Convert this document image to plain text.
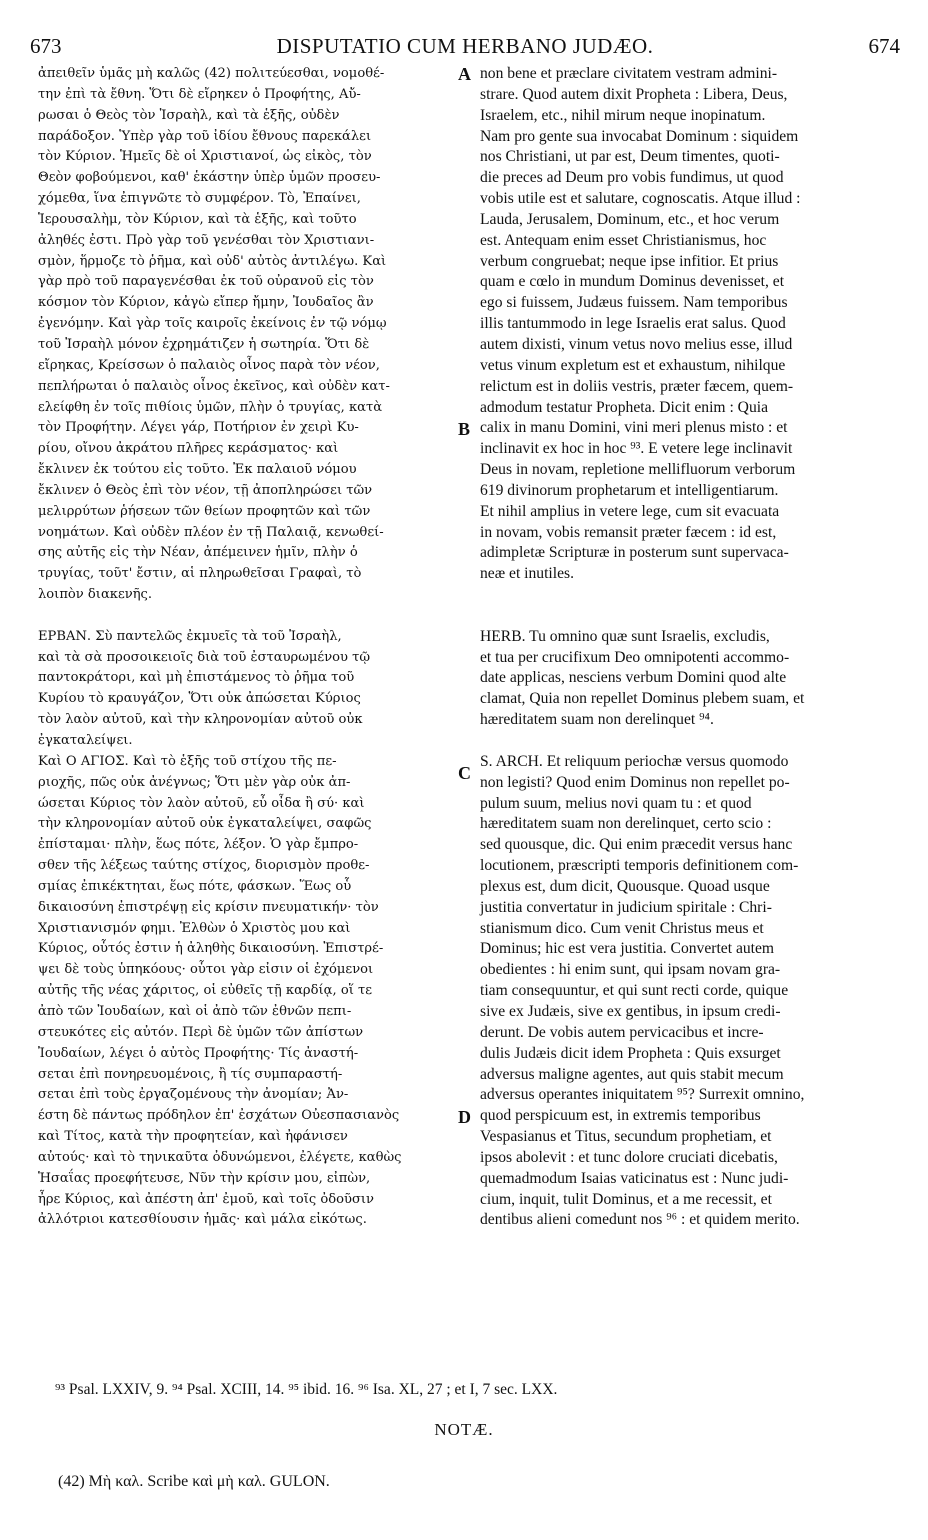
673	DISPUTATIO CUM HERBANO JUDÆO.	674
ἀπειθεῖν ὑμᾶς μὴ καλῶς (42) πολιτεύεσθαι, νομοθέ-
την ἐπὶ τὰ ἔθνη. Ὅτι δὲ εἴρηκεν ὁ Προφήτης, Αὔ-
ρωσαι ὁ Θεὸς τὸν Ἰσραὴλ, καὶ τὰ ἑξῆς, οὐδὲν
παράδοξον. Ὑπὲρ γὰρ τοῦ ἰδίου ἔθνους παρεκάλει
τὸν Κύριον. Ἡμεῖς δὲ οἱ Χριστιανοί, ὡς εἰκὸς, τὸν
Θεὸν φοβούμενοι, καθ' ἑκάστην ὑπὲρ ὑμῶν προσευ-
χόμεθα, ἵνα ἐπιγνῶτε τὸ συμφέρον. Τὸ, Ἐπαίνει,
Ἱερουσαλὴμ, τὸν Κύριον, καὶ τὰ ἑξῆς, καὶ τοῦτο
ἀληθές ἐστι. Πρὸ γὰρ τοῦ γενέσθαι τὸν Χριστιανι-
σμὸν, ἥρμοζε τὸ ῥῆμα, καὶ οὐδ' αὐτὸς ἀντιλέγω. Καὶ
γὰρ πρὸ τοῦ παραγενέσθαι ἐκ τοῦ οὐρανοῦ εἰς τὸν
κόσμον τὸν Κύριον, κἀγὼ εἴπερ ἤμην, Ἰουδαῖος ἂν
ἐγενόμην. Καὶ γὰρ τοῖς καιροῖς ἐκείνοις ἐν τῷ νόμῳ
τοῦ Ἰσραὴλ μόνον ἐχρημάτιζεν ἡ σωτηρία. Ὅτι δὲ
εἴρηκας, Κρείσσων ὁ παλαιὸς οἶνος παρὰ τὸν νέον,
πεπλήρωται ὁ παλαιὸς οἶνος ἐκεῖνος, καὶ οὐδὲν κατ-
ελείφθη ἐν τοῖς πιθίοις ὑμῶν, πλὴν ὁ τρυγίας, κατὰ
τὸν Προφήτην. Λέγει γάρ, Ποτήριον ἐν χειρὶ Κυ-
ρίου, οἴνου ἀκράτου πλῆρες κεράσματος· καὶ
ἔκλινεν ἐκ τούτου εἰς τοῦτο. Ἐκ παλαιοῦ νόμου
ἔκλινεν ὁ Θεὸς ἐπὶ τὸν νέον, τῇ ἀποπληρώσει τῶν
μελιρρύτων ῥήσεων τῶν θείων προφητῶν καὶ τῶν
νοημάτων. Καὶ οὐδὲν πλέον ἐν τῇ Παλαιᾷ, κενωθεί-
σης αὐτῆς εἰς τὴν Νέαν, ἀπέμεινεν ἡμῖν, πλὴν ὁ
τρυγίας, τοῦτ' ἔστιν, αἱ πληρωθεῖσαι Γραφαὶ, τὸ
λοιπὸν διακενῆς.
ΕΡΒΑΝ. Σὺ παντελῶς ἐκμυεῖς τὰ τοῦ Ἰσραὴλ,
καὶ τὰ σὰ προσοικειοῖς διὰ τοῦ ἐσταυρωμένου τῷ
παντοκράτορι, καὶ μὴ ἐπιστάμενος τὸ ῥῆμα τοῦ
Κυρίου τὸ κραυγάζον, Ὅτι οὐκ ἀπώσεται Κύριος
τὸν λαὸν αὐτοῦ, καὶ τὴν κληρονομίαν αὐτοῦ οὐκ
ἐγκαταλείψει.
Καὶ Ο ΑΓΙΟΣ. Καὶ τὸ ἑξῆς τοῦ στίχου τῆς πε-
ριοχῆς, πῶς οὐκ ἀνέγνως; Ὅτι μὲν γὰρ οὐκ ἀπ-
ώσεται Κύριος τὸν λαὸν αὐτοῦ, εὖ οἶδα ἢ σύ· καὶ
τὴν κληρονομίαν αὐτοῦ οὐκ ἐγκαταλείψει, σαφῶς
ἐπίσταμαι· πλὴν, ἕως πότε, λέξον. Ὁ γὰρ ἔμπρο-
σθεν τῆς λέξεως ταύτης στίχος, διορισμὸν προθε-
σμίας ἐπικέκτηται, ἕως πότε, φάσκων. Ἕως οὗ
δικαιοσύνη ἐπιστρέψῃ εἰς κρίσιν πνευματικήν· τὸν
Χριστιανισμόν φημι. Ἐλθὼν ὁ Χριστὸς μου καὶ
Κύριος, οὗτός ἐστιν ἡ ἀληθὴς δικαιοσύνη. Ἐπιστρέ-
ψει δὲ τοὺς ὑπηκόους· οὗτοι γὰρ εἰσιν οἱ ἐχόμενοι
αὐτῆς τῆς νέας χάριτος, οἱ εὐθεῖς τῇ καρδίᾳ, οἵ τε
ἀπὸ τῶν Ἰουδαίων, καὶ οἱ ἀπὸ τῶν ἐθνῶν πεπι-
στευκότες εἰς αὐτόν. Περὶ δὲ ὑμῶν τῶν ἀπίστων
Ἰουδαίων, λέγει ὁ αὐτὸς Προφήτης· Τίς ἀναστή-
σεται ἐπὶ πονηρευομένοις, ἢ τίς συμπαραστή-
σεται ἐπὶ τοὺς ἐργαζομένους τὴν ἀνομίαν; Ἀν-
έστη δὲ πάντως πρόδηλον ἐπ' ἐσχάτων Οὐεσπασιανὸς
καὶ Τίτος, κατὰ τὴν προφητείαν, καὶ ἠφάνισεν
αὐτούς· καὶ τὸ τηνικαῦτα ὀδυνώμενοι, ἐλέγετε, καθὼς
Ἡσαΐας προεφήτευσε, Νῦν τὴν κρίσιν μου, εἰπὼν,
ἦρε Κύριος, καὶ ἀπέστη ἀπ' ἐμοῦ, καὶ τοῖς ὀδοῦσιν
ἀλλότριοι κατεσθίουσιν ἡμᾶς· καὶ μάλα εἰκότως.
non bene et præclare civitatem vestram admini-
strare. Quod autem dixit Propheta : Libera, Deus,
Israelem, etc., nihil mirum neque inopinatum.
Nam pro gente sua invocabat Dominum : siquidem
nos Christiani, ut par est, Deum timentes, quoti-
die preces ad Deum pro vobis fundimus, ut quod
vobis utile est et salutare, cognoscatis. Atque illud :
Lauda, Jerusalem, Dominum, etc., et hoc verum
est. Antequam enim esset Christianismus, hoc
verbum congruebat; neque ipse infitior. Et prius
quam e cœlo in mundum Dominus devenisset, et
ego si fuissem, Judæus fuissem. Nam temporibus
illis tantummodo in lege Israelis erat salus. Quod
autem dixisti, vinum vetus novo melius esse, illud
vetus vinum expletum est et exhaustum, nihilque
relictum est in doliis vestris, præter fæcem, quem-
admodum testatur Propheta. Dicit enim : Quia
calix in manu Domini, vini meri plenus misto : et
inclinavit ex hoc in hoc ⁹³. E vetere lege inclinavit
Deus in novam, repletione mellifluorum verborum
619 divinorum prophetarum et intelligentiarum.
Et nihil amplius in vetere lege, cum sit evacuata
in novam, vobis remansit præter fæcem : id est,
adimpletæ Scripturæ in posterum sunt supervaca-
neæ et inutiles.
HERB. Tu omnino quæ sunt Israelis, excludis,
et tua per crucifixum Deo omnipotenti accommo-
date applicas, nesciens verbum Domini quod alte
clamat, Quia non repellet Dominus plebem suam, et
hæreditatem suam non derelinquet ⁹⁴.
S. ARCH. Et reliquum periochæ versus quomodo
non legisti? Quod enim Dominus non repellet po-
pulum suum, melius novi quam tu : et quod
hæreditatem suam non derelinquet, certo scio :
sed quousque, dic. Qui enim præcedit versus hanc
locutionem, præscripti temporis definitionem com-
plexus est, dum dicit, Quousque. Quoad usque
justitia convertatur in judicium spiritale : Chri-
stianismum dico. Cum venit Christus meus et
Dominus; hic est vera justitia. Convertet autem
obedientes : hi enim sunt, qui ipsam novam gra-
tiam consequuntur, et qui sunt recti corde, quique
sive ex Judæis, sive ex gentibus, in ipsum credi-
derunt. De vobis autem pervicacibus et incre-
dulis Judæis dicit idem Propheta : Quis exsurget
adversus maligne agentes, aut quis stabit mecum
adversus operantes iniquitatem ⁹⁵? Surrexit omnino,
quod perspicuum est, in extremis temporibus
Vespasianus et Titus, secundum prophetiam, et
ipsos abolevit : et tunc dolore cruciati dicebatis,
quemadmodum Isaias vaticinatus est : Nunc judi-
cium, inquit, tulit Dominus, et a me recessit, et
dentibus alieni comedunt nos ⁹⁶ : et quidem merito.
A
B
C
D
⁹³ Psal. LXXIV, 9. ⁹⁴ Psal. XCIII, 14. ⁹⁵ ibid. 16. ⁹⁶ Isa. XL, 27 ; et I, 7 sec. LXX.
NOTÆ.
(42) Μὴ καλ. Scribe καὶ μὴ καλ. GULON.
